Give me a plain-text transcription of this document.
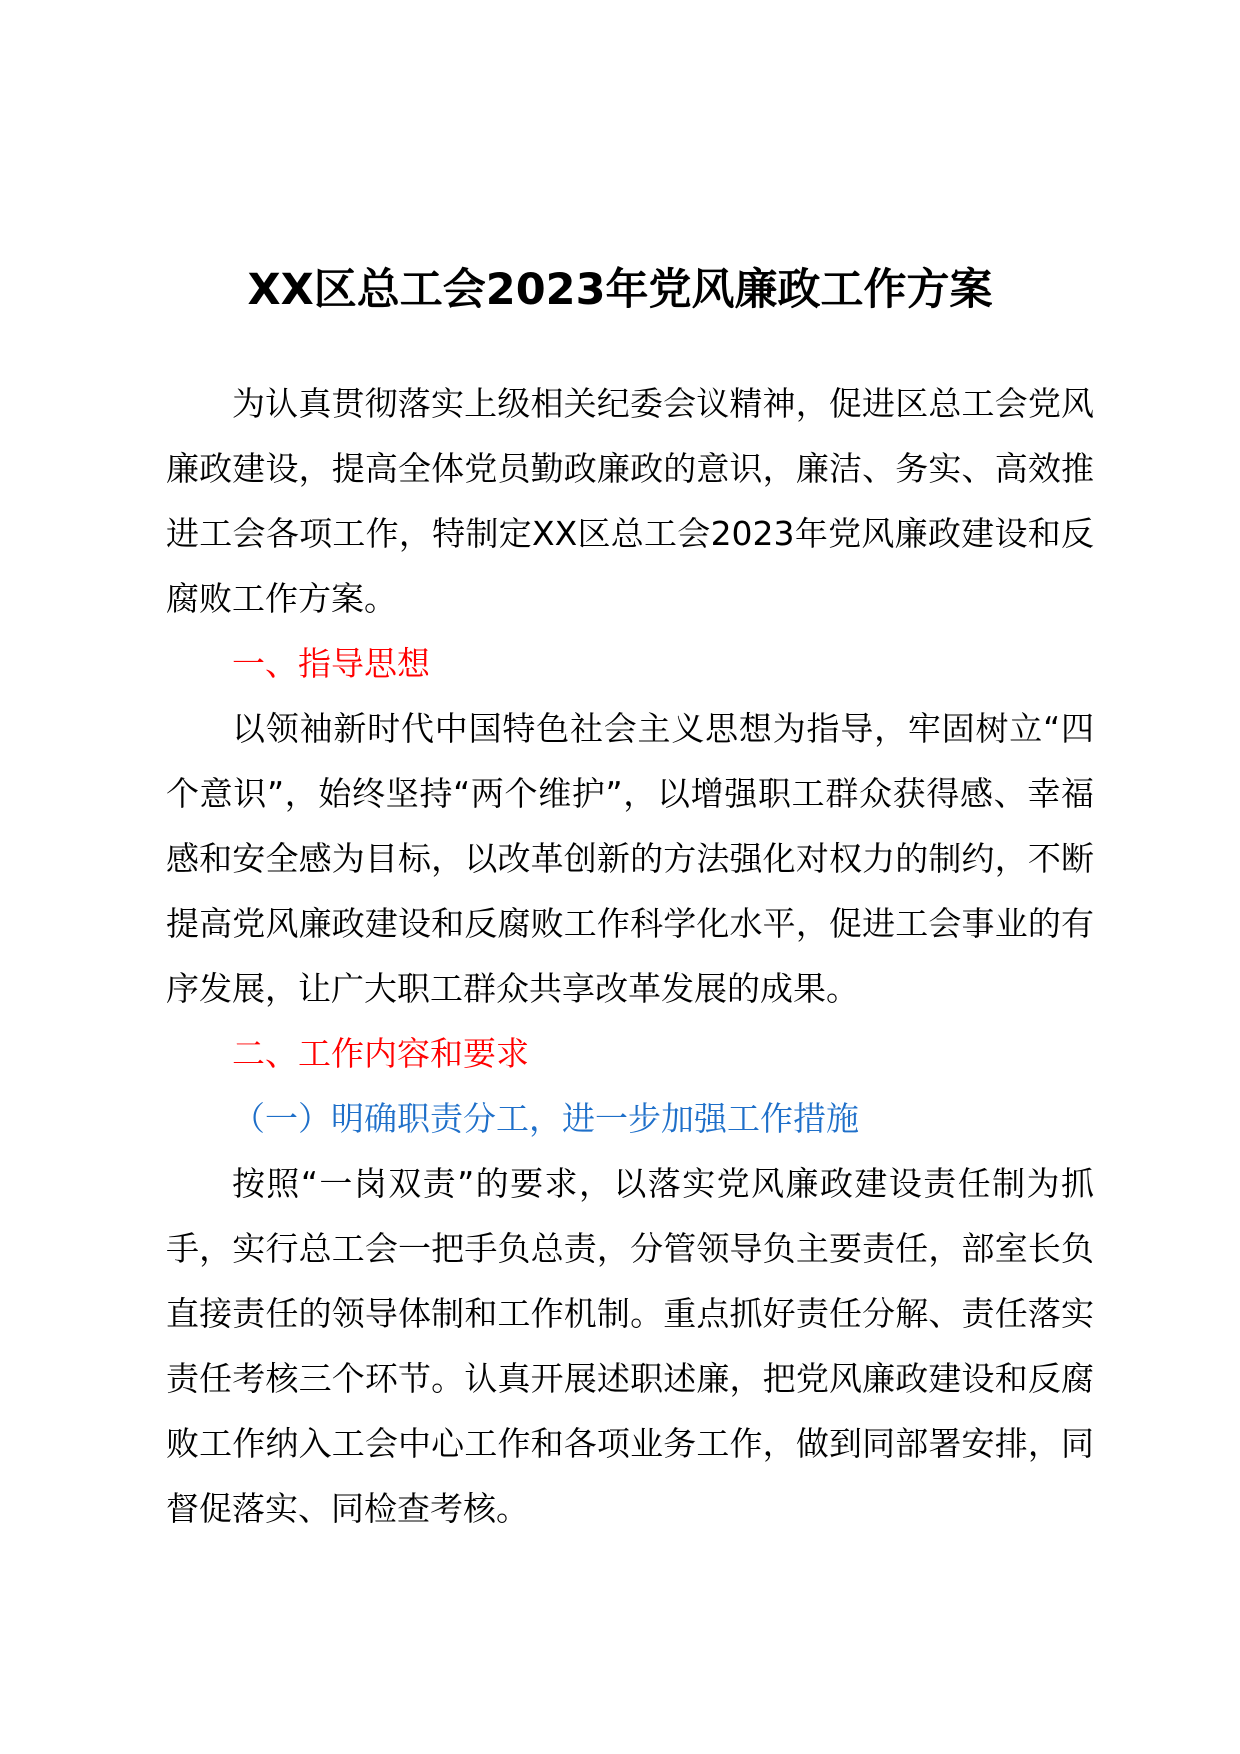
XX区总工会2023年党风廉政工作方案

为认真贯彻落实上级相关纪委会议精神，促进区总工会党风廉政建设，提高全体党员勤政廉政的意识，廉洁、务实、高效推进工会各项工作，特制定XX区总工会2023年党风廉政建设和反腐败工作方案。

一、指导思想

以领袖新时代中国特色社会主义思想为指导，牢固树立“四个意识”，始终坚持“两个维护”，以增强职工群众获得感、幸福感和安全感为目标，以改革创新的方法强化对权力的制约，不断提高党风廉政建设和反腐败工作科学化水平，促进工会事业的有序发展，让广大职工群众共享改革发展的成果。

二、工作内容和要求

（一）明确职责分工，进一步加强工作措施

按照“一岗双责”的要求，以落实党风廉政建设责任制为抓手，实行总工会一把手负总责，分管领导负主要责任，部室长负直接责任的领导体制和工作机制。重点抓好责任分解、责任落实责任考核三个环节。认真开展述职述廉，把党风廉政建设和反腐败工作纳入工会中心工作和各项业务工作，做到同部署安排，同督促落实、同检查考核。
